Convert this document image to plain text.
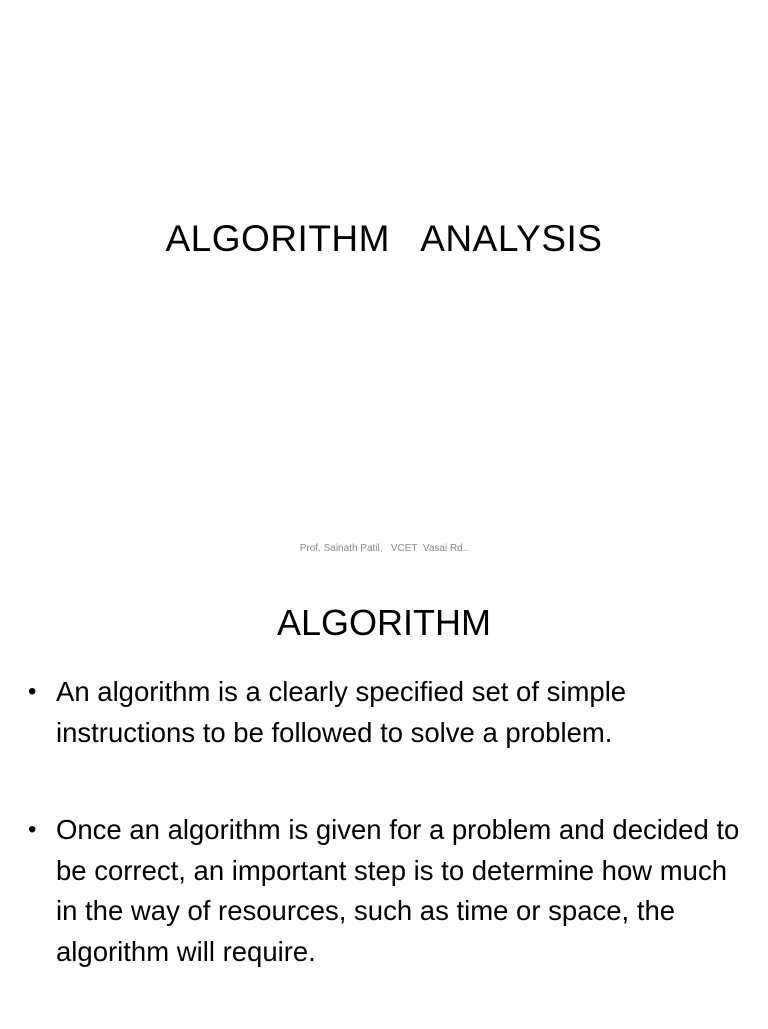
ALGORITHM   ANALYSIS
Prof. Sainath Patil,   VCET  Vasai Rd..
ALGORITHM
• An algorithm is a clearly specified set of simple instructions to be followed to solve a problem.
• Once an algorithm is given for a problem and decided to be correct, an important step is to determine how much in the way of resources, such as time or space, the algorithm will require.
